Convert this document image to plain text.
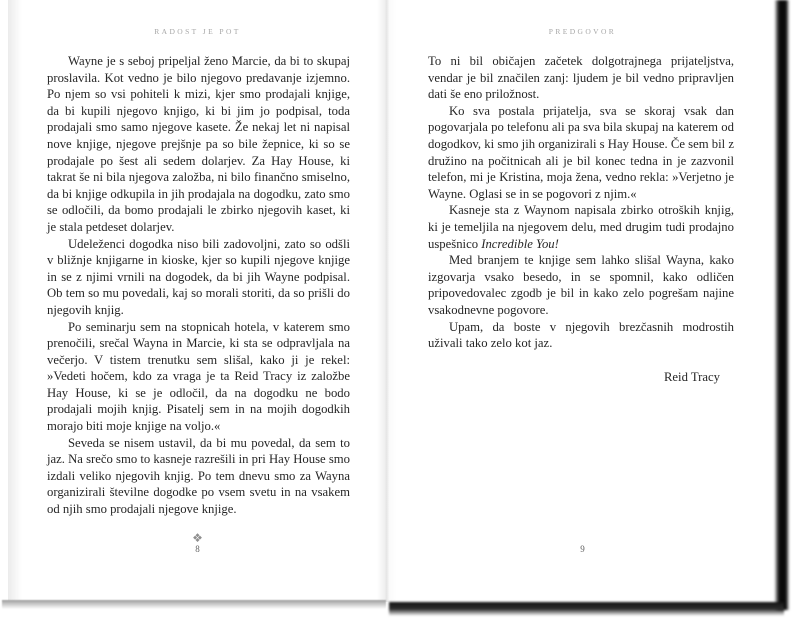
RADOST JE POT

Wayne je s seboj pripeljal ženo Marcie, da bi to skupaj proslavila. Kot vedno je bilo njegovo predavanje izjemno. Po njem so vsi pohiteli k mizi, kjer smo prodajali knjige, da bi kupili njegovo knjigo, ki bi jim jo podpisal, toda prodajali smo samo njegove kasete. Že nekaj let ni napisal nove knjige, njegove prejšnje pa so bile žepnice, ki so se prodajale po šest ali sedem dolarjev. Za Hay House, ki takrat še ni bila njegova založba, ni bilo finančno smiselno, da bi knjige odkupila in jih prodajala na dogodku, zato smo se odločili, da bomo prodajali le zbirko njegovih kaset, ki je stala petdeset dolarjev.

Udeleženci dogodka niso bili zadovoljni, zato so odšli v bližnje knjigarne in kioske, kjer so kupili njegove knjige in se z njimi vrnili na dogodek, da bi jih Wayne podpisal. Ob tem so mu povedali, kaj so morali storiti, da so prišli do njegovih knjig.

Po seminarju sem na stopnicah hotela, v katerem smo prenočili, srečal Wayna in Marcie, ki sta se odpravljala na večerjo. V tistem trenutku sem slišal, kako ji je rekel: »Vedeti hočem, kdo za vraga je ta Reid Tracy iz založbe Hay House, ki se je odločil, da na dogodku ne bodo prodajali mojih knjig. Pisatelj sem in na mojih dogodkih morajo biti moje knjige na voljo.«

Seveda se nisem ustavil, da bi mu povedal, da sem to jaz. Na srečo smo to kasneje razrešili in pri Hay House smo izdali veliko njegovih knjig. Po tem dnevu smo za Wayna organizirali številne dogodke po vsem svetu in na vsakem od njih smo prodajali njegove knjige.

❖
8
PREDGOVOR

To ni bil običajen začetek dolgotrajnega prijateljstva, vendar je bil značilen zanj: ljudem je bil vedno pripravljen dati še eno priložnost.

Ko sva postala prijatelja, sva se skoraj vsak dan pogovarjala po telefonu ali pa sva bila skupaj na katerem od dogodkov, ki smo jih organizirali s Hay House. Če sem bil z družino na počitnicah ali je bil konec tedna in je zazvonil telefon, mi je Kristina, moja žena, vedno rekla: »Verjetno je Wayne. Oglasi se in se pogovori z njim.«

Kasneje sta z Waynom napisala zbirko otroških knjig, ki je temeljila na njegovem delu, med drugim tudi prodajno uspešnico Incredible You!

Med branjem te knjige sem lahko slišal Wayna, kako izgovarja vsako besedo, in se spomnil, kako odličen pripovedovalec zgodb je bil in kako zelo pogrešam najine vsakodnevne pogovore.

Upam, da boste v njegovih brezčasnih modrostih uživali tako zelo kot jaz.

Reid Tracy
9
